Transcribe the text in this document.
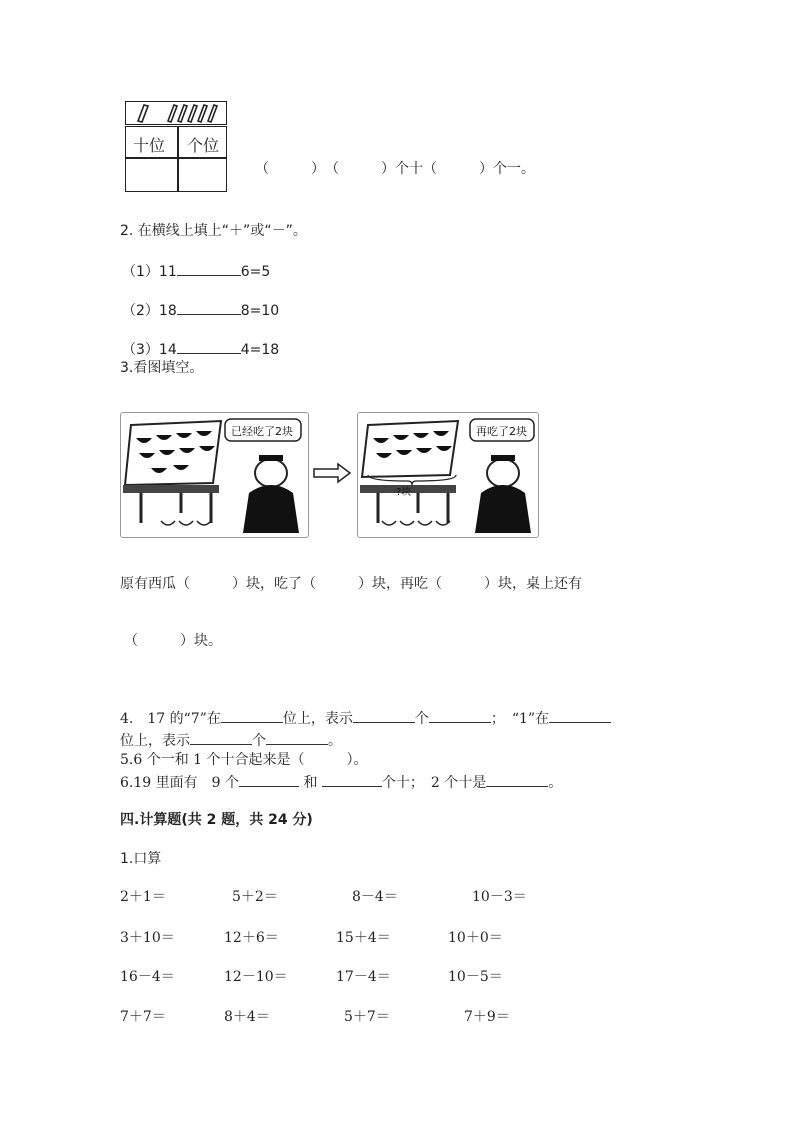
十位 个位
（　　　）　（　　　）个十（　　　）个一。
2. 在横线上填上“＋”或“－”。
（1）11	6=5
（2）18	8=10
（3）14	4=18
3.看图填空。
已经吃了2块
?块
再吃了2块
原有西瓜（　　　）块，吃了（　　　）块，再吃（　　　）块，桌上还有
（　　　）块。
4.　17 的“7”在	位上，表示	个	；　“1”在
位上，表示	个	。
5.6 个一和 1 个十合起来是（　　　）。
6.19 里面有　9 个	和	个十；　2 个十是	。
四.计算题(共 2 题，共 24 分)
1.口算
2＋1＝	5＋2＝	8－4＝	10－3＝
3＋10＝	12＋6＝	15＋4＝	10＋0＝
16－4＝	12－10＝	17－4＝	10－5＝
7＋7＝	8＋4＝	5＋7＝	7＋9＝
